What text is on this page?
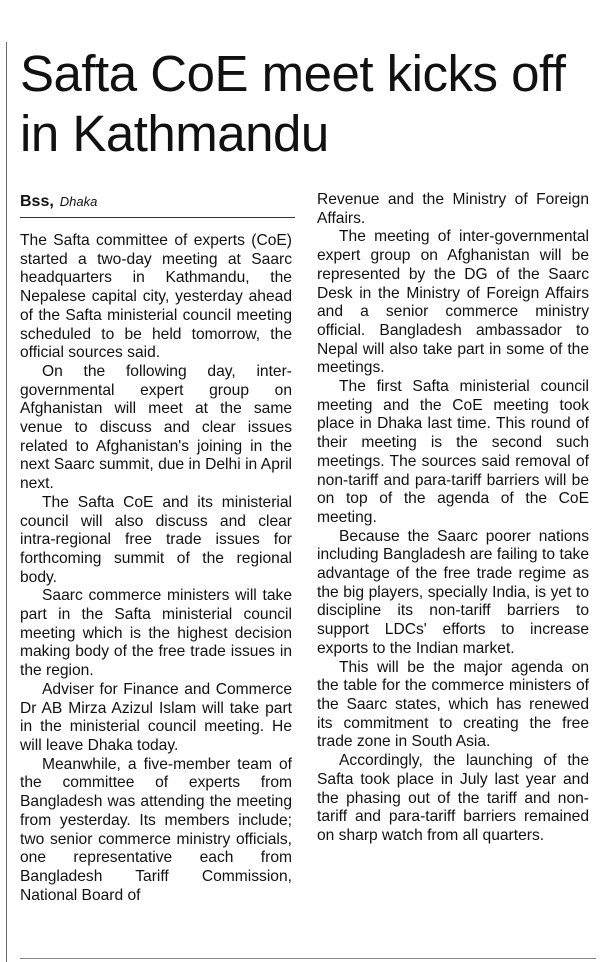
Safta CoE meet kicks off in Kathmandu
Bss, Dhaka

The Safta committee of experts (CoE) started a two-day meeting at Saarc headquarters in Kathmandu, the Nepalese capital city, yesterday ahead of the Safta ministerial council meeting scheduled to be held tomorrow, the official sources said.

On the following day, inter-governmental expert group on Afghanistan will meet at the same venue to discuss and clear issues related to Afghanistan's joining in the next Saarc summit, due in Delhi in April next.

The Safta CoE and its ministerial council will also discuss and clear intra-regional free trade issues for forthcoming summit of the regional body.

Saarc commerce ministers will take part in the Safta ministerial council meeting which is the highest decision making body of the free trade issues in the region.

Adviser for Finance and Commerce Dr AB Mirza Azizul Islam will take part in the ministerial council meeting. He will leave Dhaka today.

Meanwhile, a five-member team of the committee of experts from Bangladesh was attending the meeting from yesterday. Its members include; two senior commerce ministry officials, one representative each from Bangladesh Tariff Commission, National Board of

Revenue and the Ministry of Foreign Affairs.

The meeting of inter-governmental expert group on Afghanistan will be represented by the DG of the Saarc Desk in the Ministry of Foreign Affairs and a senior commerce ministry official. Bangladesh ambassador to Nepal will also take part in some of the meetings.

The first Safta ministerial council meeting and the CoE meeting took place in Dhaka last time. This round of their meeting is the second such meetings. The sources said removal of non-tariff and para-tariff barriers will be on top of the agenda of the CoE meeting.

Because the Saarc poorer nations including Bangladesh are failing to take advantage of the free trade regime as the big players, specially India, is yet to discipline its non-tariff barriers to support LDCs' efforts to increase exports to the Indian market.

This will be the major agenda on the table for the commerce ministers of the Saarc states, which has renewed its commitment to creating the free trade zone in South Asia.

Accordingly, the launching of the Safta took place in July last year and the phasing out of the tariff and non-tariff and para-tariff barriers remained on sharp watch from all quarters.
